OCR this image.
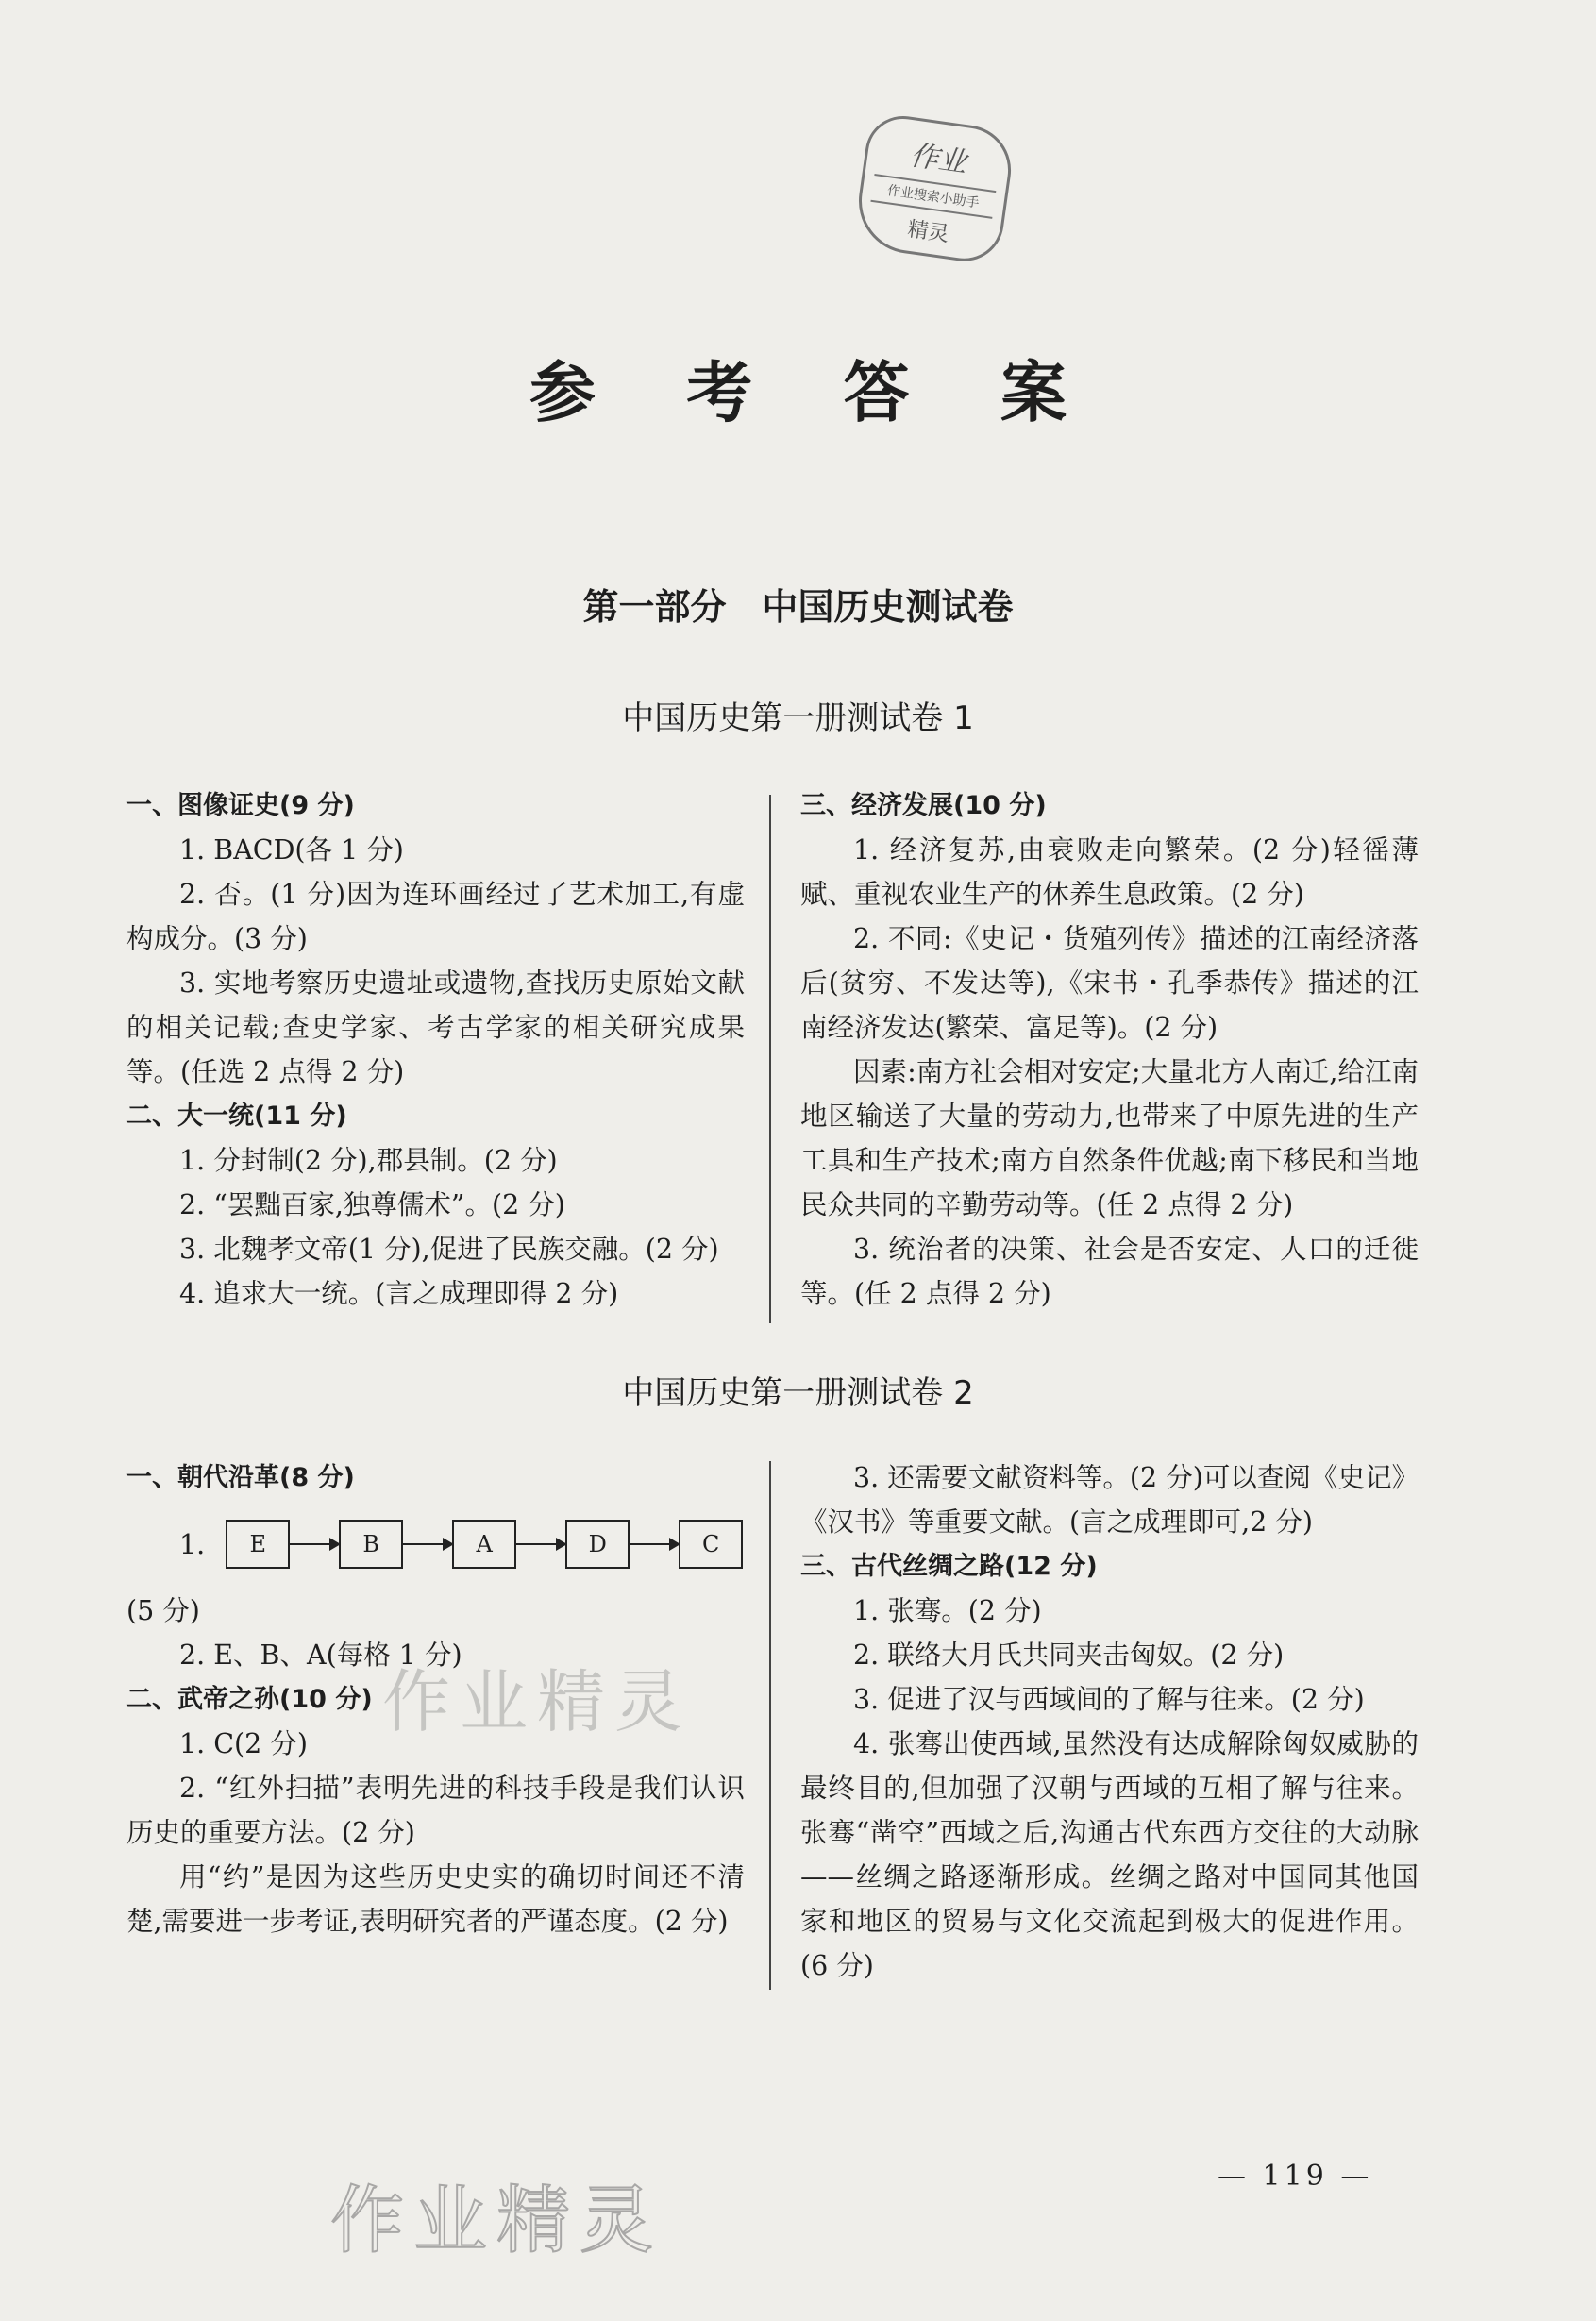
作业
作业搜索小助手
精灵
参 考 答 案
第一部分　中国历史测试卷
中国历史第一册测试卷 1

一、图像证史(9 分)

1. BACD(各 1 分)

2. 否。(1 分)因为连环画经过了艺术加工,有虚构成分。(3 分)

3. 实地考察历史遗址或遗物,查找历史原始文献的相关记载;查史学家、考古学家的相关研究成果等。(任选 2 点得 2 分)

二、大一统(11 分)

1. 分封制(2 分),郡县制。(2 分)

2. “罢黜百家,独尊儒术”。(2 分)

3. 北魏孝文帝(1 分),促进了民族交融。(2 分)

4. 追求大一统。(言之成理即得 2 分)

三、经济发展(10 分)

1. 经济复苏,由衰败走向繁荣。(2 分)轻徭薄赋、重视农业生产的休养生息政策。(2 分)

2. 不同:《史记・货殖列传》描述的江南经济落后(贫穷、不发达等),《宋书・孔季恭传》描述的江南经济发达(繁荣、富足等)。(2 分)

因素:南方社会相对安定;大量北方人南迁,给江南地区输送了大量的劳动力,也带来了中原先进的生产工具和生产技术;南方自然条件优越;南下移民和当地民众共同的辛勤劳动等。(任 2 点得 2 分)

3. 统治者的决策、社会是否安定、人口的迁徙等。(任 2 点得 2 分)

中国历史第一册测试卷 2

一、朝代沿革(8 分)

1.	E	B	A	D	C

(5 分)

2. E、B、A(每格 1 分)

二、武帝之孙(10 分)

1. C(2 分)

2. “红外扫描”表明先进的科技手段是我们认识历史的重要方法。(2 分)

用“约”是因为这些历史史实的确切时间还不清楚,需要进一步考证,表明研究者的严谨态度。(2 分)

3. 还需要文献资料等。(2 分)可以查阅《史记》《汉书》等重要文献。(言之成理即可,2 分)

三、古代丝绸之路(12 分)

1. 张骞。(2 分)

2. 联络大月氏共同夹击匈奴。(2 分)

3. 促进了汉与西域间的了解与往来。(2 分)

4. 张骞出使西域,虽然没有达成解除匈奴威胁的最终目的,但加强了汉朝与西域的互相了解与往来。张骞“凿空”西域之后,沟通古代东西方交往的大动脉——丝绸之路逐渐形成。丝绸之路对中国同其他国家和地区的贸易与文化交流起到极大的促进作用。(6 分)

作业精灵
作业精灵
— 119 —
